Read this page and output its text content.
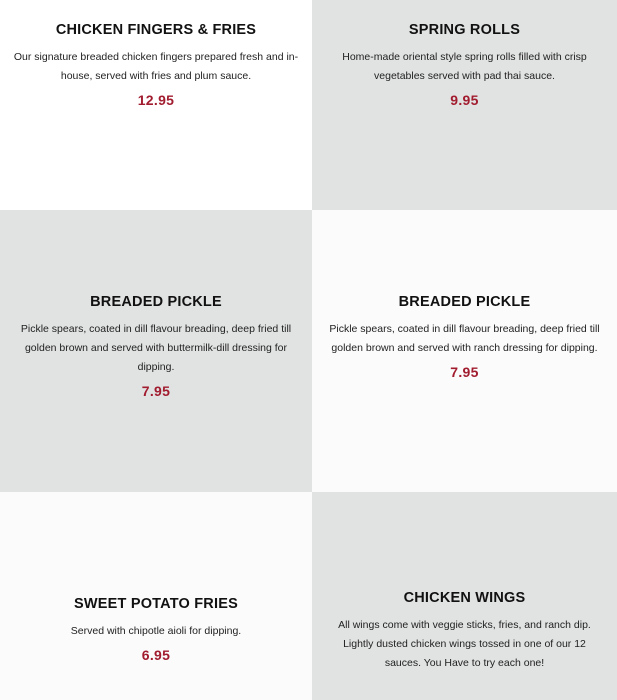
CHICKEN FINGERS & FRIES
Our signature breaded chicken fingers prepared fresh and in-house, served with fries and plum sauce.
12.95
SPRING ROLLS
Home-made oriental style spring rolls filled with crisp vegetables served with pad thai sauce.
9.95
BREADED PICKLE
Pickle spears, coated in dill flavour breading, deep fried till golden brown and served with buttermilk-dill dressing for dipping.
7.95
BREADED PICKLE
Pickle spears, coated in dill flavour breading, deep fried till golden brown and served with ranch dressing for dipping.
7.95
SWEET POTATO FRIES
Served with chipotle aioli for dipping.
6.95
CHICKEN WINGS
All wings come with veggie sticks, fries, and ranch dip. Lightly dusted chicken wings tossed in one of our 12 sauces. You Have to try each one!
